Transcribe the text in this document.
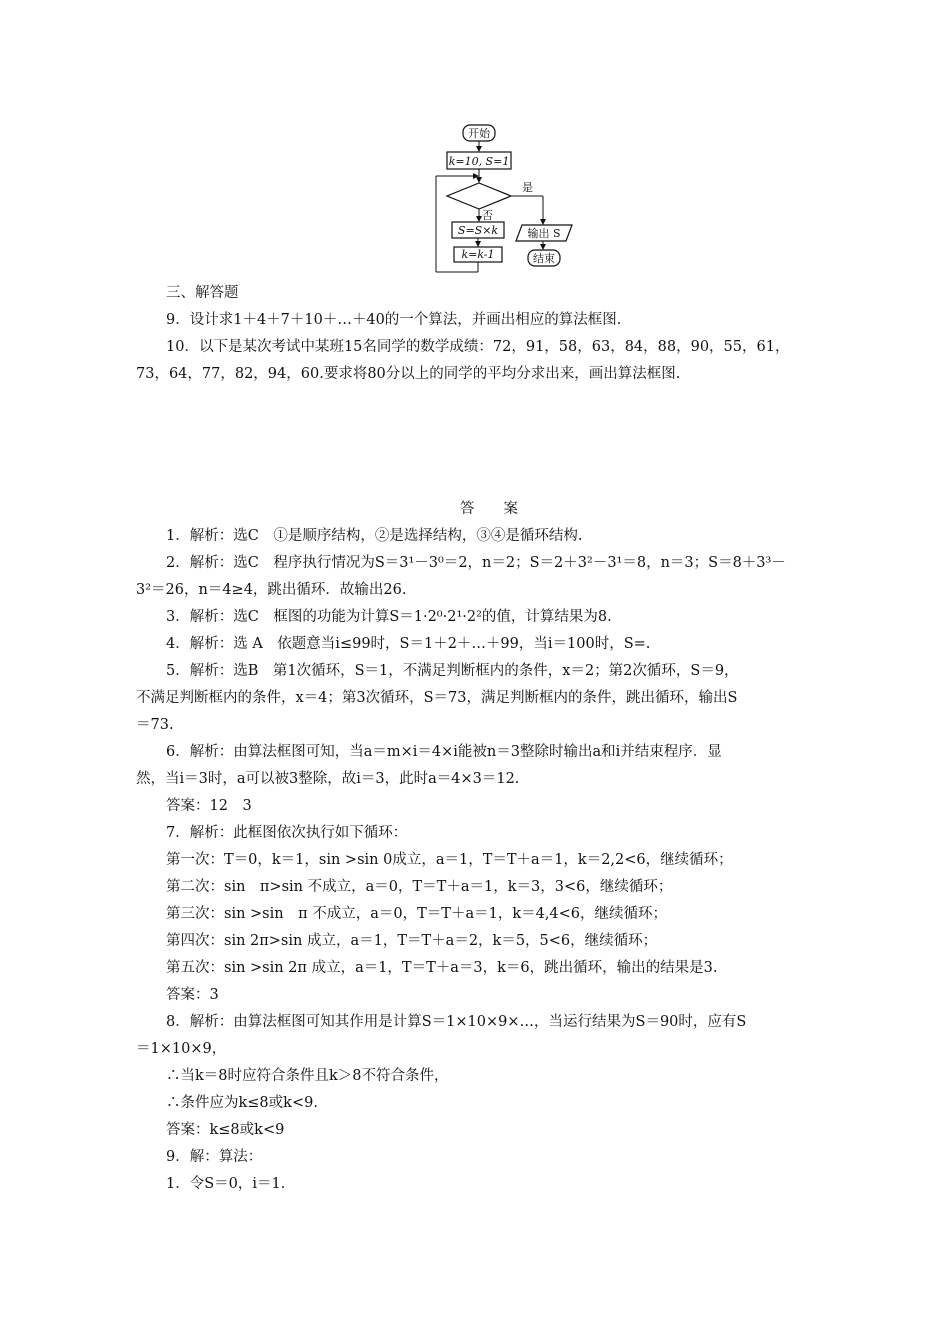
开始
k=10, S=1
是
否
S=S×k
k=k-1
输出 S
结束
三、解答题
9．设计求1＋4＋7＋10＋…＋40的一个算法，并画出相应的算法框图.
10．以下是某次考试中某班15名同学的数学成绩：72，91，58，63，84，88，90，55，61，
73，64，77，82，94，60.要求将80分以上的同学的平均分求出来，画出算法框图.
答　　案
1．解析：选C　①是顺序结构，②是选择结构，③④是循环结构.
2．解析：选C　程序执行情况为S＝3¹－3⁰＝2，n＝2；S＝2＋3²－3¹＝8，n＝3；S＝8＋3³－
3²＝26，n＝4≥4，跳出循环．故输出26.
3．解析：选C　框图的功能为计算S＝1·2⁰·2¹·2²的值，计算结果为8.
4．解析：选 A　依题意当i≤99时，S＝1＋2＋…＋99，当i＝100时，S=.
5．解析：选B　第1次循环，S＝1，不满足判断框内的条件，x＝2；第2次循环，S＝9，
不满足判断框内的条件，x＝4；第3次循环，S＝73，满足判断框内的条件，跳出循环，输出S
＝73.
6．解析：由算法框图可知，当a＝m×i＝4×i能被n＝3整除时输出a和i并结束程序．显
然，当i＝3时，a可以被3整除，故i＝3，此时a＝4×3＝12.
答案：12　3
7．解析：此框图依次执行如下循环：
第一次：T＝0，k＝1，sin >sin 0成立，a＝1，T＝T＋a＝1，k＝2,2<6，继续循环；
第二次：sin　π>sin 不成立，a＝0，T＝T＋a＝1，k＝3，3<6，继续循环；
第三次：sin >sin　π 不成立，a＝0，T＝T＋a＝1，k＝4,4<6，继续循环；
第四次：sin 2π>sin 成立，a＝1，T＝T＋a＝2，k＝5，5<6，继续循环；
第五次：sin >sin 2π 成立，a＝1，T＝T＋a＝3，k＝6，跳出循环，输出的结果是3.
答案：3
8．解析：由算法框图可知其作用是计算S＝1×10×9×…，当运行结果为S＝90时，应有S
＝1×10×9，
∴当k＝8时应符合条件且k＞8不符合条件，
∴条件应为k≤8或k<9.
答案：k≤8或k<9
9．解：算法：
1．令S＝0，i＝1.
